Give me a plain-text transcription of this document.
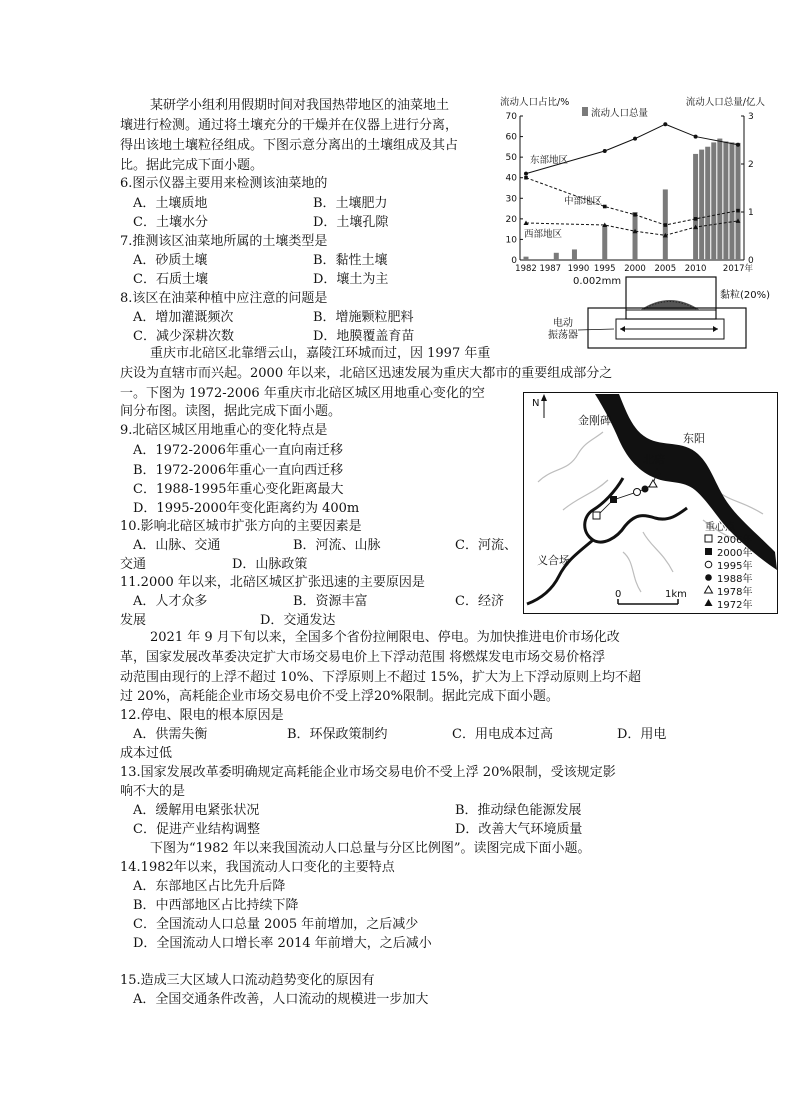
某研学小组利用假期时间对我国热带地区的油菜地土
壤进行检测。通过将土壤充分的干燥并在仪器上进行分离，
得出该地土壤粒径组成。下图示意分离出的土壤组成及其占
比。据此完成下面小题。
6.图示仪器主要用来检测该油菜地的
A．土壤质地	B．土壤肥力
C．土壤水分	D．土壤孔隙
7.推测该区油菜地所属的土壤类型是
A．砂质土壤	B．黏性土壤
C．石质土壤	D．壤土为主
8.该区在油菜种植中应注意的问题是
A．增加灌溉频次	B．增施颗粒肥料
C．减少深耕次数	D．地膜覆盖育苗
流动人口占比/%	流动人口总量/亿人
流动人口总量
0
10
20
30
40
50
60
70
0
1
2
3
1982 1987 1990 1995 2000 2005 2010 2017年
东部地区
中部地区
西部地区
0.002mm
黏粒(20%)
电动
振荡器
重庆市北碚区北靠缙云山，嘉陵江环城而过，因 1997 年重
庆设为直辖市而兴起。2000 年以来，北碚区迅速发展为重庆大都市的重要组成部分之
一。下图为 1972-2006 年重庆市北碚区城区用地重心变化的空
间分布图。读图，据此完成下面小题。
9.北碚区城区用地重心的变化特点是
A．1972-2006年重心一直向南迁移
B．1972-2006年重心一直向西迁移
C．1988-1995年重心变化距离最大
D．1995-2000年变化距离约为 400m
10.影响北碚区城市扩张方向的主要因素是
A．山脉、交通	B．河流、山脉	C．河流、
交通	D．山脉政策
11.2000 年以来，北碚区城区扩张迅速的主要原因是
A．人才众多	B．资源丰富	C．经济
发展	D．交通发达
N
金刚碑
东阳
北碚
义合场
0	1km
重心点
2006年
2000年
1995年
1988年
1978年
1972年
2021 年 9 月下旬以来，全国多个省份拉闸限电、停电。为加快推进电价市场化改
革，国家发展改革委决定扩大市场交易电价上下浮动范围 将燃煤发电市场交易价格浮
动范围由现行的上浮不超过 10%、下浮原则上不超过 15%，扩大为上下浮动原则上均不超
过 20%，高耗能企业市场交易电价不受上浮20%限制。据此完成下面小题。
12.停电、限电的根本原因是
A．供需失衡	B．环保政策制约	C．用电成本过高	D．用电
成本过低
13.国家发展改革委明确规定高耗能企业市场交易电价不受上浮 20%限制，受该规定影
响不大的是
A．缓解用电紧张状况	B．推动绿色能源发展
C．促进产业结构调整	D．改善大气环境质量
下图为“1982 年以来我国流动人口总量与分区比例图”。读图完成下面小题。
14.1982年以来，我国流动人口变化的主要特点
A．东部地区占比先升后降
B．中西部地区占比持续下降
C．全国流动人口总量 2005 年前增加，之后减少
D．全国流动人口增长率 2014 年前增大，之后减小
15.造成三大区域人口流动趋势变化的原因有
A．全国交通条件改善，人口流动的规模进一步加大
